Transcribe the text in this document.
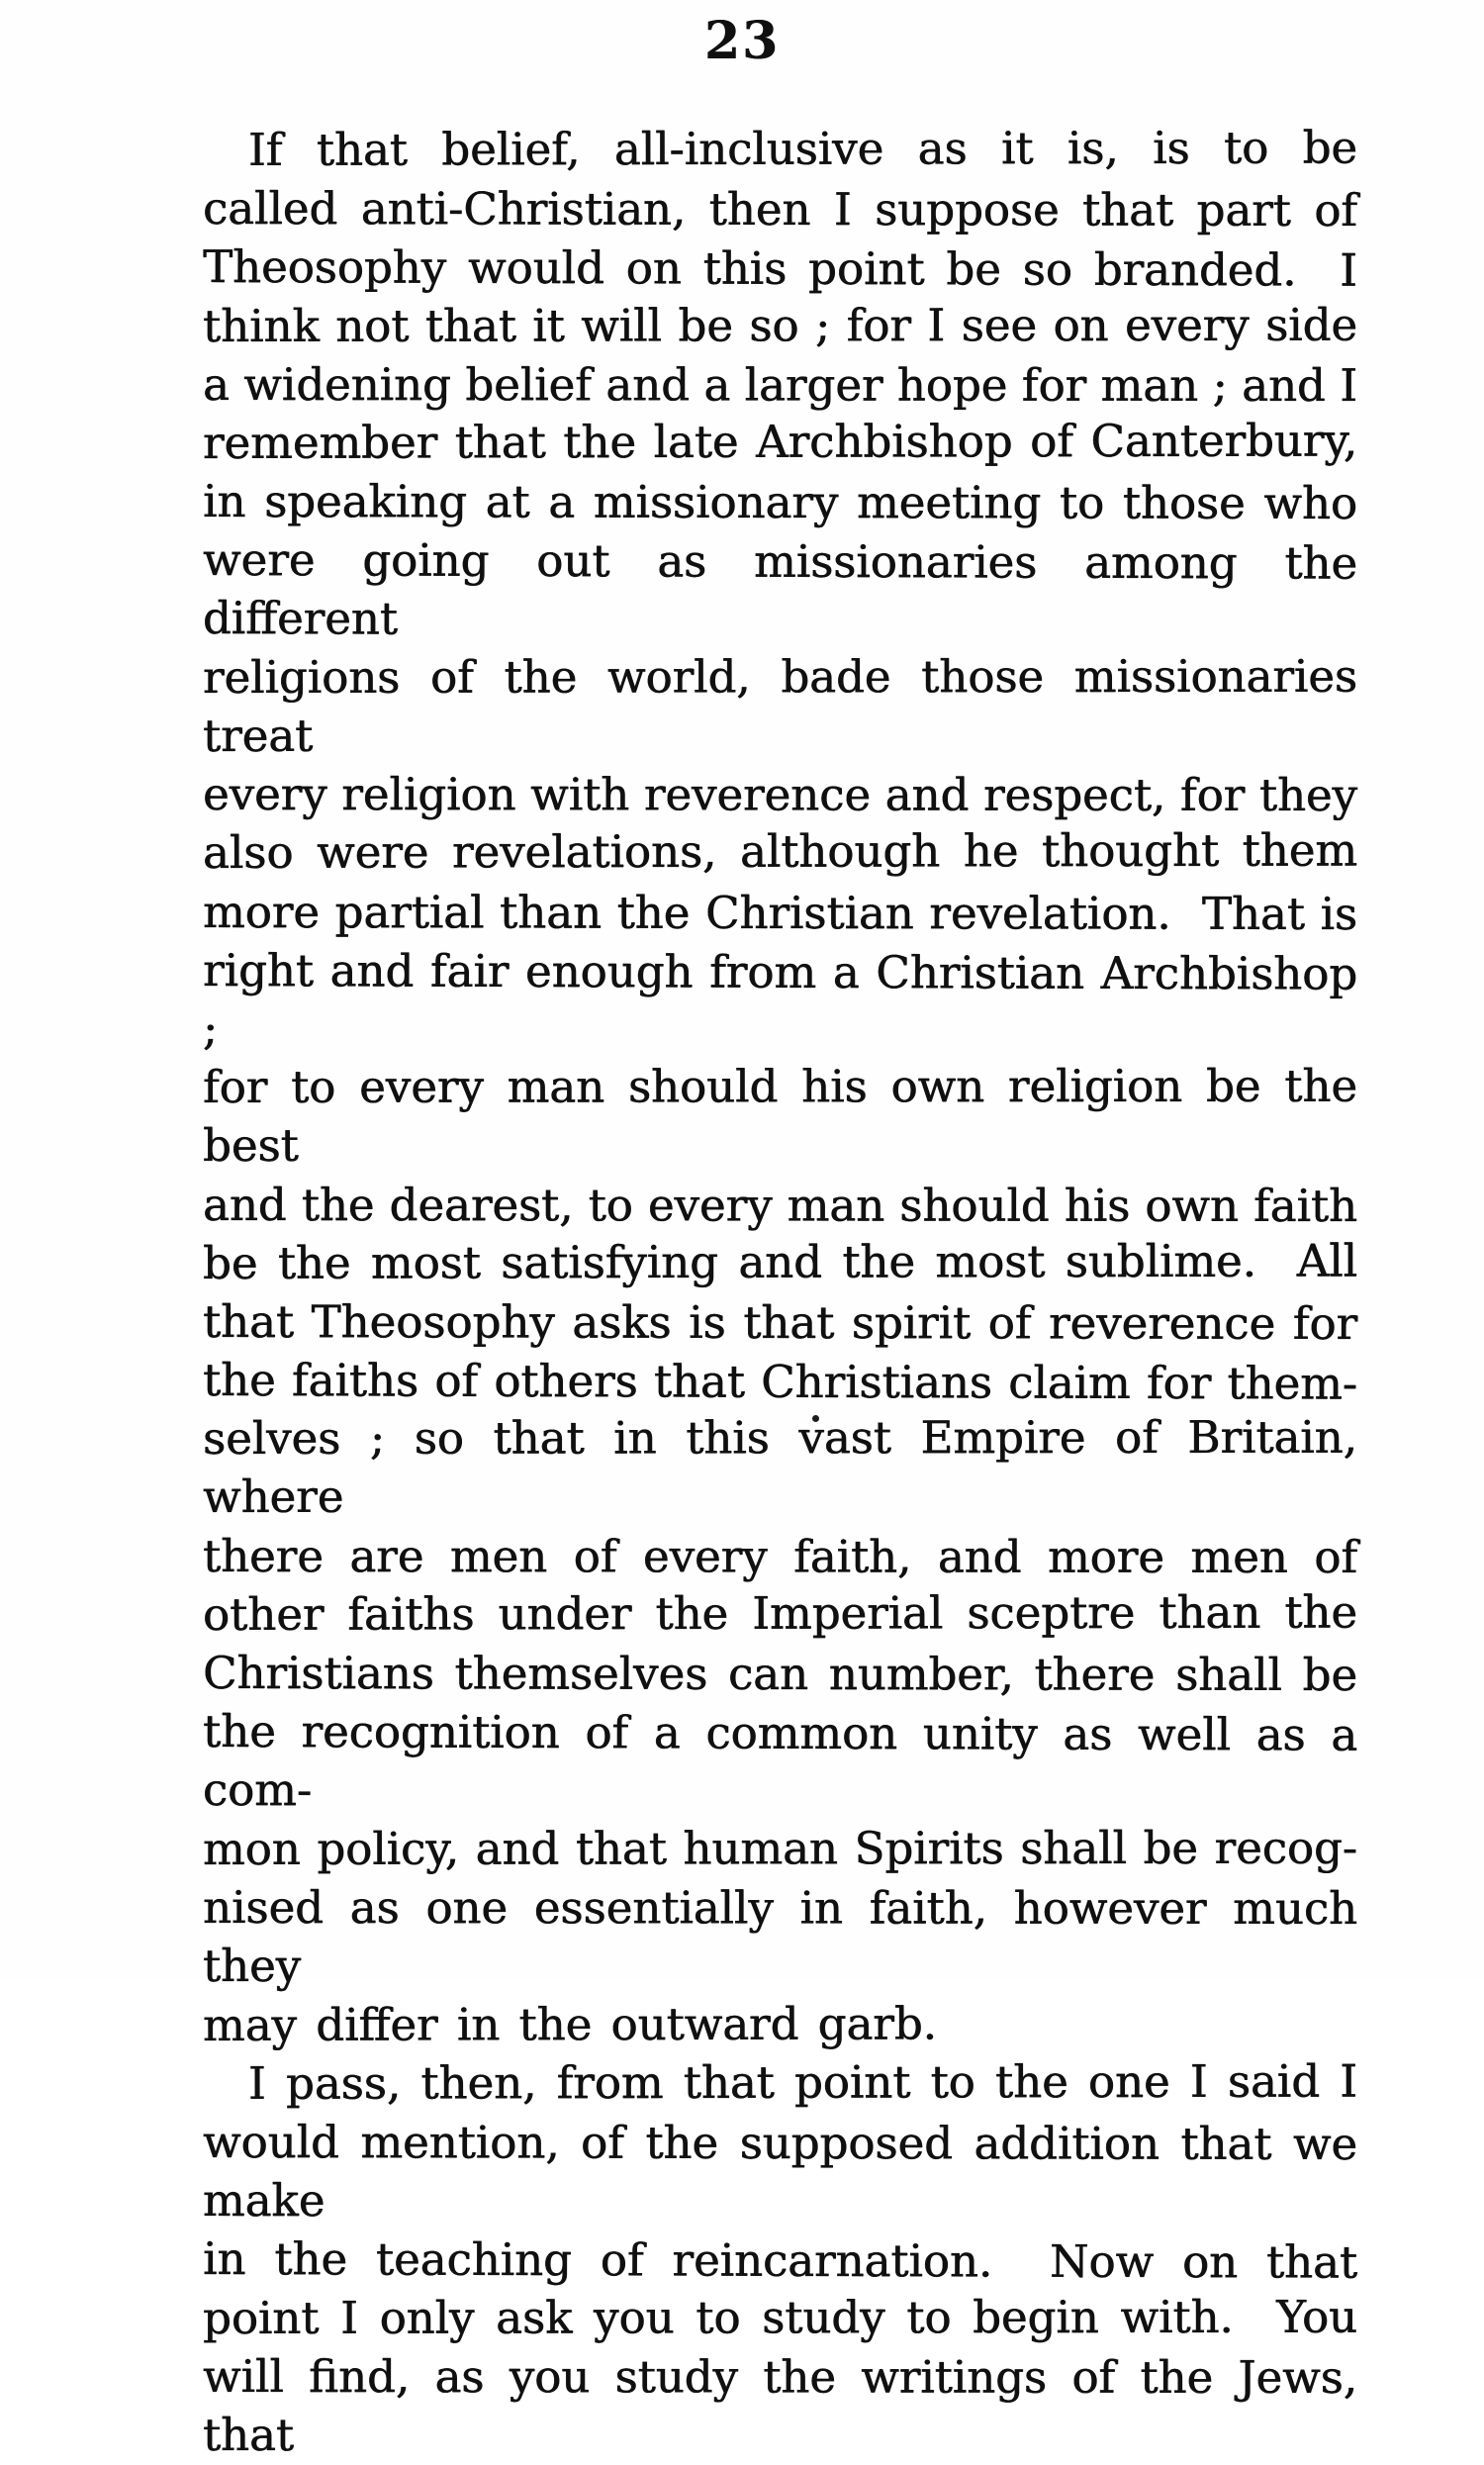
23
If that belief, all-inclusive as it is, is to be
called anti-Christian, then I suppose that part of
Theosophy would on this point be so branded.  I
think not that it will be so ; for I see on every side
a widening belief and a larger hope for man ; and I
remember that the late Archbishop of Canterbury,
in speaking at a missionary meeting to those who
were going out as missionaries among the different
religions of the world, bade those missionaries treat
every religion with reverence and respect, for they
also were revelations, although he thought them
more partial than the Christian revelation.  That is
right and fair enough from a Christian Archbishop ;
for to every man should his own religion be the best
and the dearest, to every man should his own faith
be the most satisfying and the most sublime.  All
that Theosophy asks is that spirit of reverence for
the faiths of others that Christians claim for them-
selves ; so that in this vast Empire of Britain, where
there are men of every faith, and more men of
other faiths under the Imperial sceptre than the
Christians themselves can number, there shall be
the recognition of a common unity as well as a com-
mon policy, and that human Spirits shall be recog-
nised as one essentially in faith, however much they
may differ in the outward garb.
I pass, then, from that point to the one I said I
would mention, of the supposed addition that we make
in the teaching of reincarnation.  Now on that
point I only ask you to study to begin with.  You
will find, as you study the writings of the Jews, that
